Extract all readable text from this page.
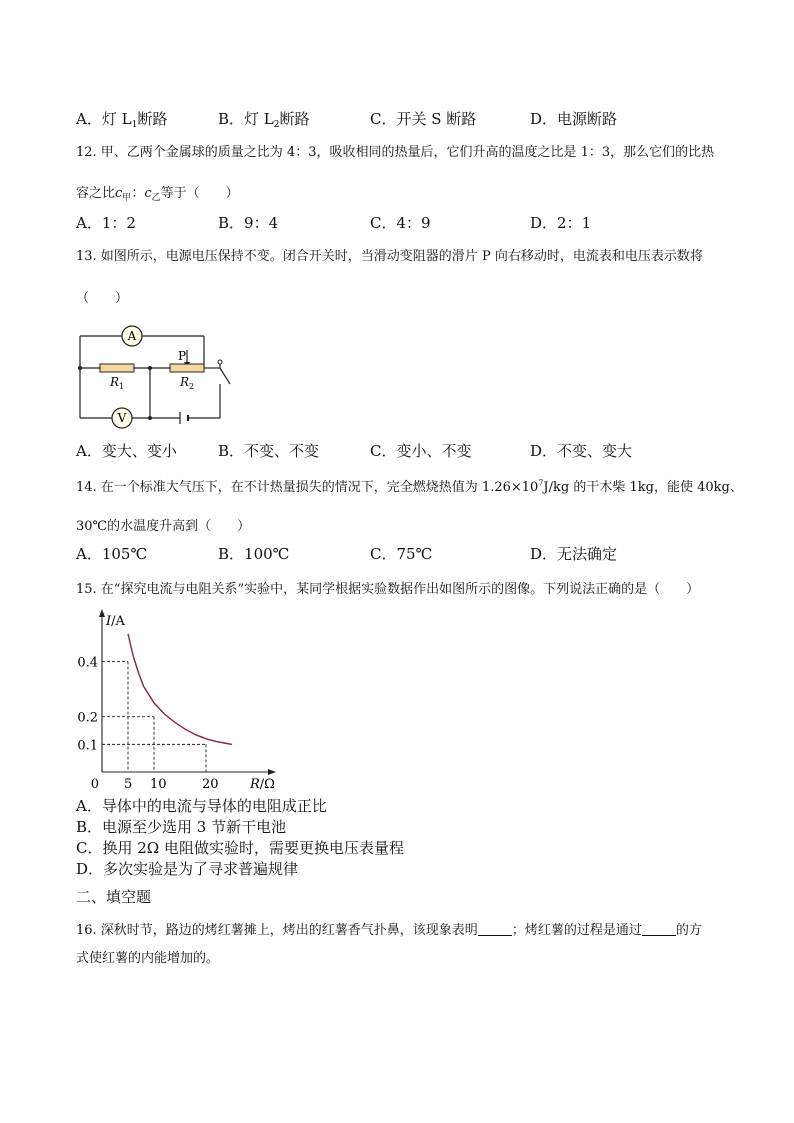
A．灯 $L_1$断路	B．灯 $L_2$断路	C．开关 S 断路	D．电源断路
12. 甲、乙两个金属球的质量之比为 4：3，吸收相同的热量后，它们升高的温度之比是 1：3，那么它们的比热
容之比$c_甲$：$c_乙$等于（　　）
A．1：2	B．9：4	C．4：9	D．2：1
13. 如图所示，电源电压保持不变。闭合开关时，当滑动变阻器的滑片 P 向右移动时，电流表和电压表示数将
（　　）
A
V
P
R 1	R 2
A．变大、变小	B．不变、不变	C．变小、不变	D．不变、变大
14. 在一个标准大气压下，在不计热量损失的情况下，完全燃烧热值为 $1.26\times 10^7J/kg$ 的干木柴 1kg，能使 40kg、
30℃的水温度升高到（　　）
A．105℃	B．100℃	C．75℃	D．无法确定
15. 在“探究电流与电阻关系”实验中，某同学根据实验数据作出如图所示的图像。下列说法正确的是（　　）
I/A
R/Ω
0 5 10	20
0.1
0.2
0.4
A．导体中的电流与导体的电阻成正比
B．电源至少选用 3 节新干电池
C．换用 2Ω 电阻做实验时，需要更换电压表量程
D．多次实验是为了寻求普遍规律
二、填空题
16. 深秋时节，路边的烤红薯摊上，烤出的红薯香气扑鼻，该现象表明	；烤红薯的过程是通过	的方
式使红薯的内能增加的。
